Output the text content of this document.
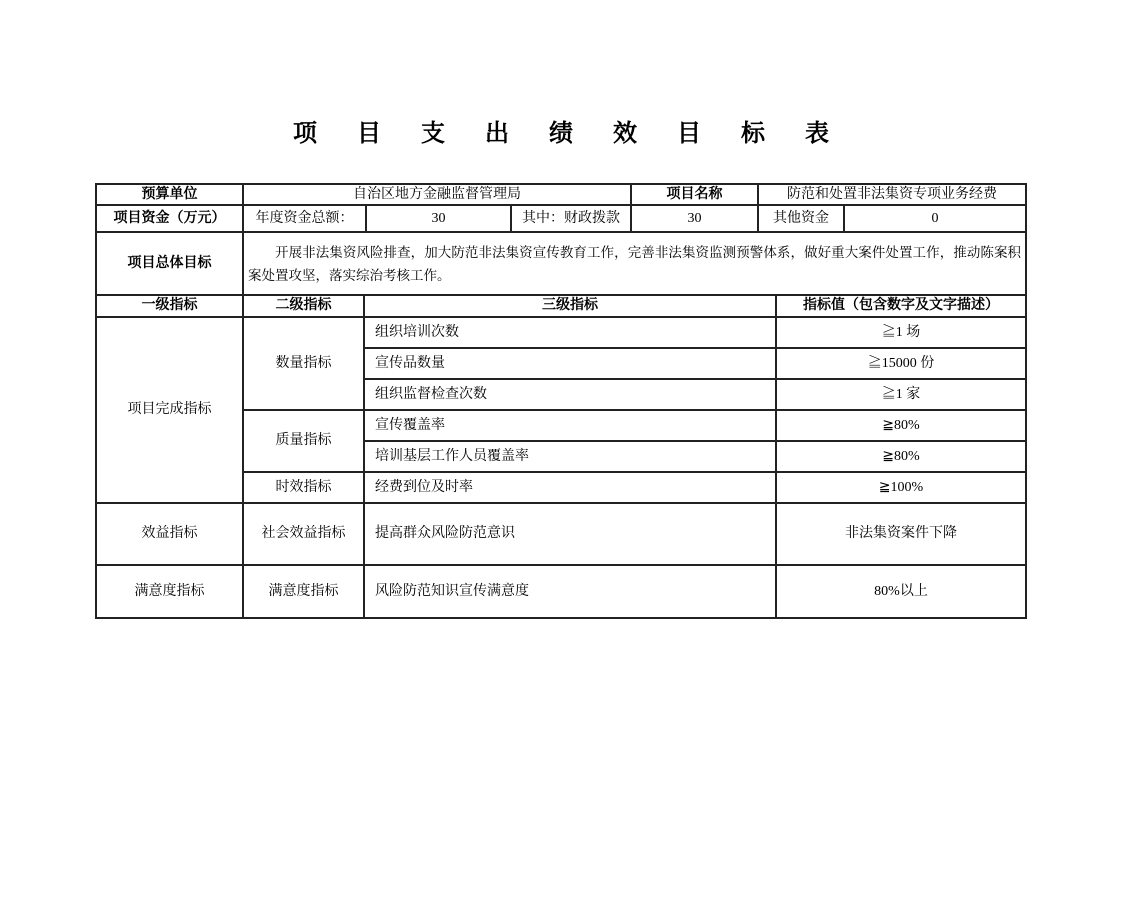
项 目 支 出 绩 效 目 标 表
预算单位	自治区地方金融监督管理局			项目名称	防范和处置非法集资专项业务经费	
项目资金（万元）	年度资金总额：	30	其中：财政拨款	30	其他资金	0
项目总体目标	开展非法集资风险排查，加大防范非法集资宣传教育工作，完善非法集资监测预警体系，做好重大案件处置工作，推动陈案积案处置攻坚，落实综治考核工作。					

一级指标	二级指标	三级指标	指标值（包含数字及文字描述）
项目完成指标	数量指标	组织培训次数	≧1 场
		宣传品数量	≧15000 份
		组织监督检查次数	≧1 家
	质量指标	宣传覆盖率	≧80%
		培训基层工作人员覆盖率	≧80%
	时效指标	经费到位及时率	≧100%
效益指标	社会效益指标	提高群众风险防范意识	非法集资案件下降
满意度指标	满意度指标	风险防范知识宣传满意度	80%以上
